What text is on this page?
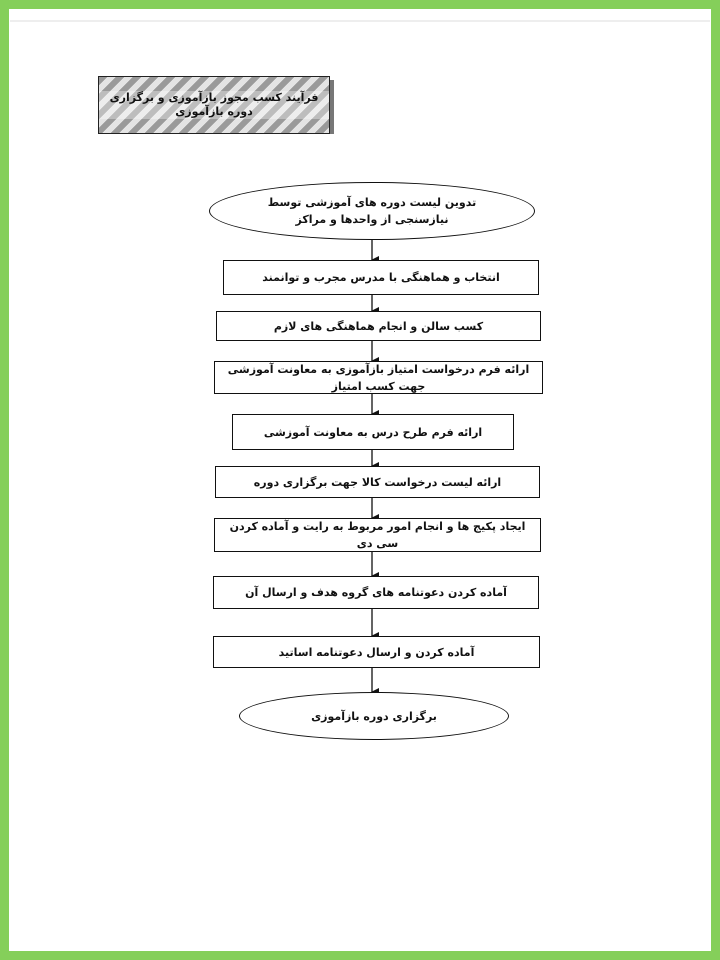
فرآیند کسب مجوز بازآموزی و برگزاری دوره بازآموزی
تدوین لیست دوره های آموزشی توسط نیازسنجی از واحدها و مراکز
انتخاب و هماهنگی با مدرس مجرب و توانمند
کسب سالن و انجام هماهنگی های لازم
ارائه فرم درخواست امتیاز بازآموزی به معاونت آموزشی جهت کسب امتیاز
ارائه فرم طرح درس به معاونت آموزشی
ارائه لیست درخواست کالا جهت برگزاری دوره
ایجاد پکیج ها و انجام امور مربوط به رایت و آماده کردن سی دی
آماده کردن دعوتنامه های گروه هدف و ارسال آن
آماده کردن و ارسال دعوتنامه اساتید
برگزاری دوره بازآموزی
